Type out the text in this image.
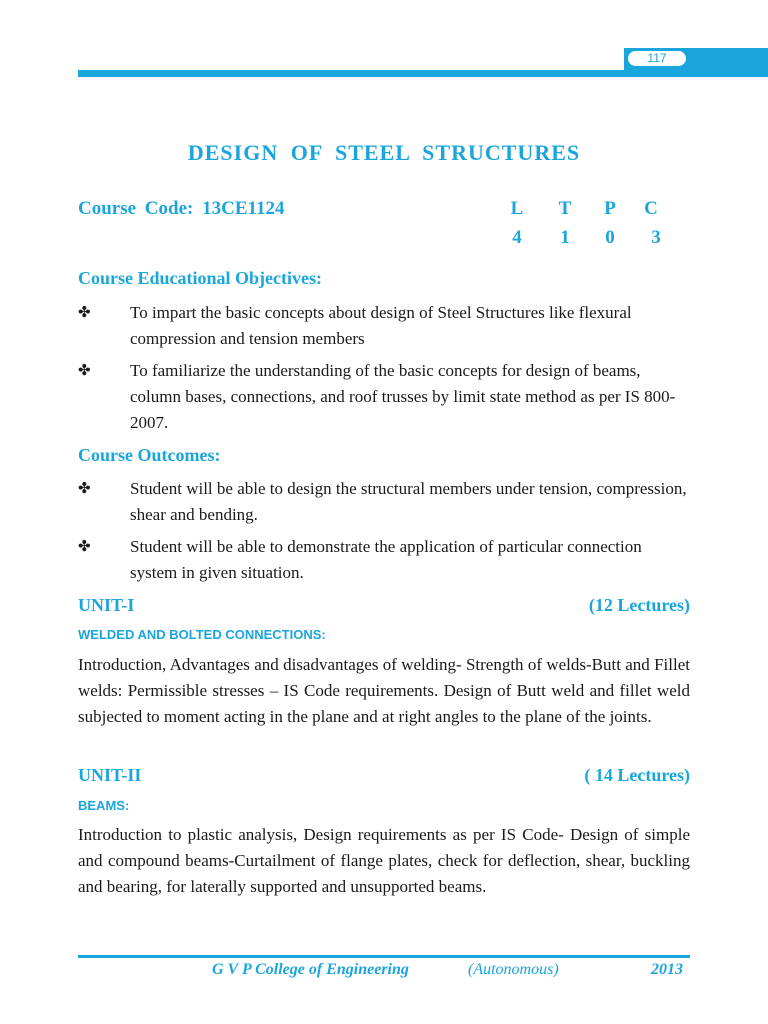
117
DESIGN OF STEEL STRUCTURES
Course Code: 13CE1124	L T P C
4 1 0 3
Course Educational Objectives:
✤ To impart the basic concepts about design of Steel Structures like flexural compression and tension members
✤ To familiarize the understanding of the basic concepts for design of beams, column bases, connections, and roof trusses by limit state method as per IS 800-2007.
Course Outcomes:
✤ Student will be able to design the structural members under tension, compression, shear and bending.
✤ Student will be able to demonstrate the application of particular connection system in given situation.
UNIT-I	(12 Lectures)
WELDED AND BOLTED CONNECTIONS:
Introduction, Advantages and disadvantages of welding- Strength of welds-Butt and Fillet welds: Permissible stresses – IS Code requirements. Design of Butt weld and fillet weld subjected to moment acting in the plane and at right angles to the plane of the joints.
UNIT-II	( 14 Lectures)
BEAMS:
Introduction to plastic analysis, Design requirements as per IS Code- Design of simple and compound beams-Curtailment of flange plates, check for deflection, shear, buckling and bearing, for laterally supported and unsupported beams.
G V P College of Engineering	(Autonomous)	2013
